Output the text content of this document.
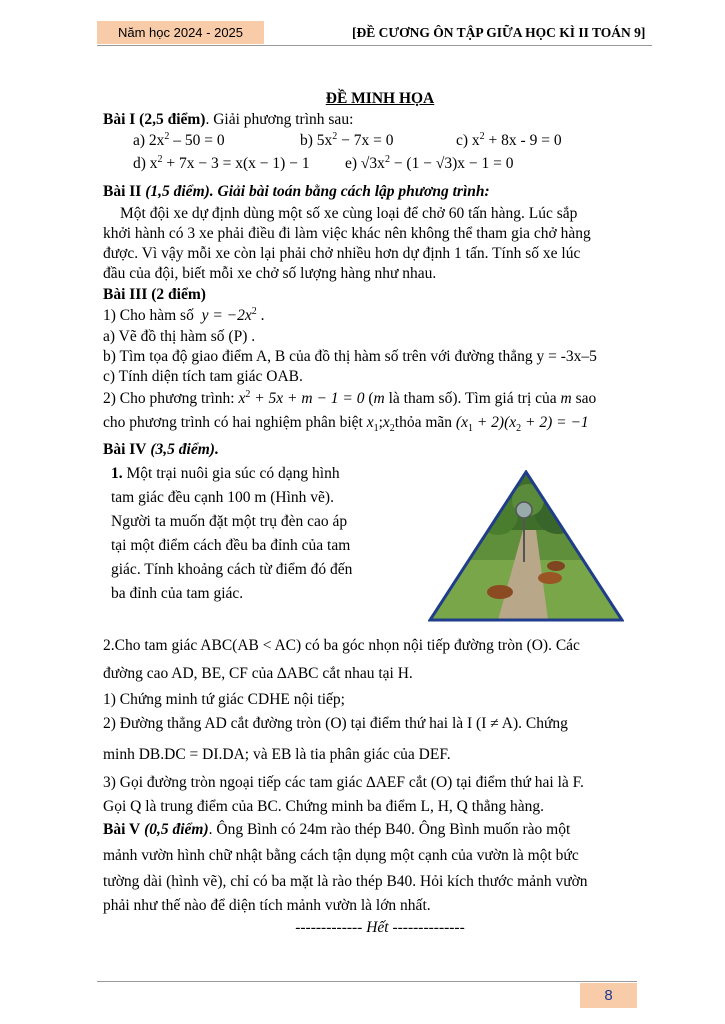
Năm học 2024 - 2025	[ĐỀ CƯƠNG ÔN TẬP GIỮA HỌC KÌ II TOÁN 9]
ĐỀ MINH HỌA
Bài I (2,5 điểm). Giải phương trình sau:
a) $2x^2 - 50 = 0$	b) $5x^2 - 7x = 0$	c) $x^2 + 8x - 9 = 0$
d) $x^2 + 7x - 3 = x(x - 1) - 1$ e) $√3x^2 - (1 - √3)x - 1 = 0$
Bài II (1,5 điểm). Giải bài toán bằng cách lập phương trình:
Một đội xe dự định dùng một số xe cùng loại để chở 60 tấn hàng. Lúc sắp
khởi hành có 3 xe phải điều đi làm việc khác nên không thể tham gia chở hàng
được. Vì vậy mỗi xe còn lại phải chở nhiều hơn dự định 1 tấn. Tính số xe lúc
đầu của đội, biết mỗi xe chở số lượng hàng như nhau.
Bài III (2 điểm)
1) Cho hàm số $y = -2x^2$ .
a) Vẽ đồ thị hàm số (P) .
b) Tìm tọa độ giao điểm A, B của đồ thị hàm số trên với đường thẳng y = -3x–5
c) Tính diện tích tam giác OAB.
2) Cho phương trình: $x^2 + 5x + m - 1 = 0$ (m là tham số). Tìm giá trị của m sao
cho phương trình có hai nghiệm phân biệt $x_1;x_2thỏa$ mãn $(x_1 + 2)(x_2 + 2) = -1$
Bài IV (3,5 điểm).
1. Một trại nuôi gia súc có dạng hình
tam giác đều cạnh 100 m (Hình vẽ).
Người ta muốn đặt một trụ đèn cao áp
tại một điểm cách đều ba đỉnh của tam
giác. Tính khoảng cách từ điểm đó đến
ba đỉnh của tam giác.
2.Cho tam giác ABC(AB < AC) có ba góc nhọn nội tiếp đường tròn (O). Các
đường cao AD, BE, CF của ∆ABC cắt nhau tại H.
1) Chứng minh tứ giác CDHE nội tiếp;
2) Đường thẳng AD cắt đường tròn (O) tại điểm thứ hai là I (I ≠ A). Chứng
minh DB.DC = DI.DA; và EB là tia phân giác của DEF.
3) Gọi đường tròn ngoại tiếp các tam giác ∆AEF cắt (O) tại điểm thứ hai là F.
Gọi Q là trung điểm của BC. Chứng minh ba điểm L, H, Q thẳng hàng.
Bài V (0,5 điểm). Ông Bình có 24m rào thép B40. Ông Bình muốn rào một
mảnh vườn hình chữ nhật bằng cách tận dụng một cạnh của vườn là một bức
tường dài (hình vẽ), chỉ có ba mặt là rào thép B40. Hỏi kích thước mảnh vườn
phải như thế nào để diện tích mảnh vườn là lớn nhất.
------------- Hết --------------
8
